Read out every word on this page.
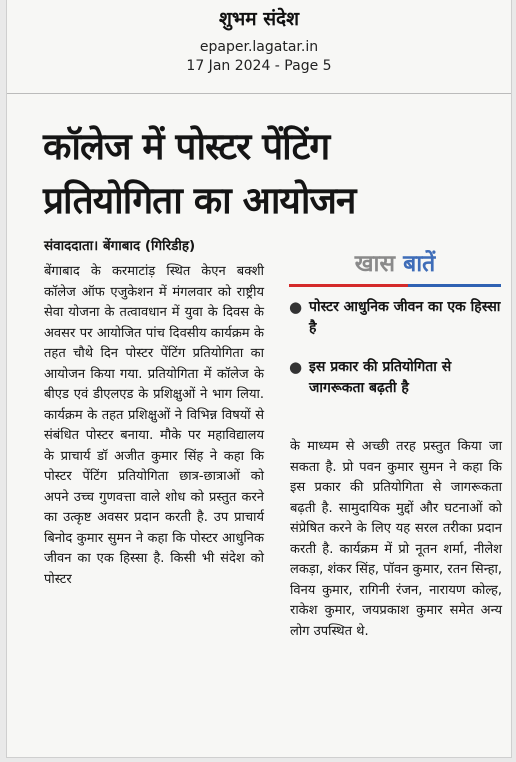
शुभम संदेश
epaper.lagatar.in
17 Jan 2024 - Page 5
कॉलेज में पोस्टर पेंटिंग
प्रतियोगिता का आयोजन
संवाददाता। बेंगाबाद (गिरिडीह)
बेंगाबाद के करमाटांड़ स्थित केएन बक्शी कॉलेज ऑफ एजुकेशन में मंगलवार को राष्ट्रीय सेवा योजना के तत्वावधान में युवा के दिवस के अवसर पर आयोजित पांच दिवसीय कार्यक्रम के तहत चौथे दिन पोस्टर पेंटिंग प्रतियोगिता का आयोजन किया गया. प्रतियोगिता में कॉलेज के बीएड एवं डीएलएड के प्रशिक्षुओं ने भाग लिया. कार्यक्रम के तहत प्रशिक्षुओं ने विभिन्न विषयों से संबंधित पोस्टर बनाया. मौके पर महाविद्यालय के प्राचार्य डॉ अजीत कुमार सिंह ने कहा कि पोस्टर पेंटिंग प्रतियोगिता छात्र-छात्राओं को अपने उच्च गुणवत्ता वाले शोध को प्रस्तुत करने का उत्कृष्ट अवसर प्रदान करती है. उप प्राचार्य बिनोद कुमार सुमन ने कहा कि पोस्टर आधुनिक जीवन का एक हिस्सा है. किसी भी संदेश को पोस्टर
खास बातें
● पोस्टर आधुनिक जीवन का एक हिस्सा है
● इस प्रकार की प्रतियोगिता से जागरूकता बढ़ती है
के माध्यम से अच्छी तरह प्रस्तुत किया जा सकता है. प्रो पवन कुमार सुमन ने कहा कि इस प्रकार की प्रतियोगिता से जागरूकता बढ़ती है. सामुदायिक मुद्दों और घटनाओं को संप्रेषित करने के लिए यह सरल तरीका प्रदान करती है. कार्यक्रम में प्रो नूतन शर्मा, नीलेश लकड़ा, शंकर सिंह, पॉवन कुमार, रतन सिन्हा, विनय कुमार, रागिनी रंजन, नारायण कोल्ह, राकेश कुमार, जयप्रकाश कुमार समेत अन्य लोग उपस्थित थे.
